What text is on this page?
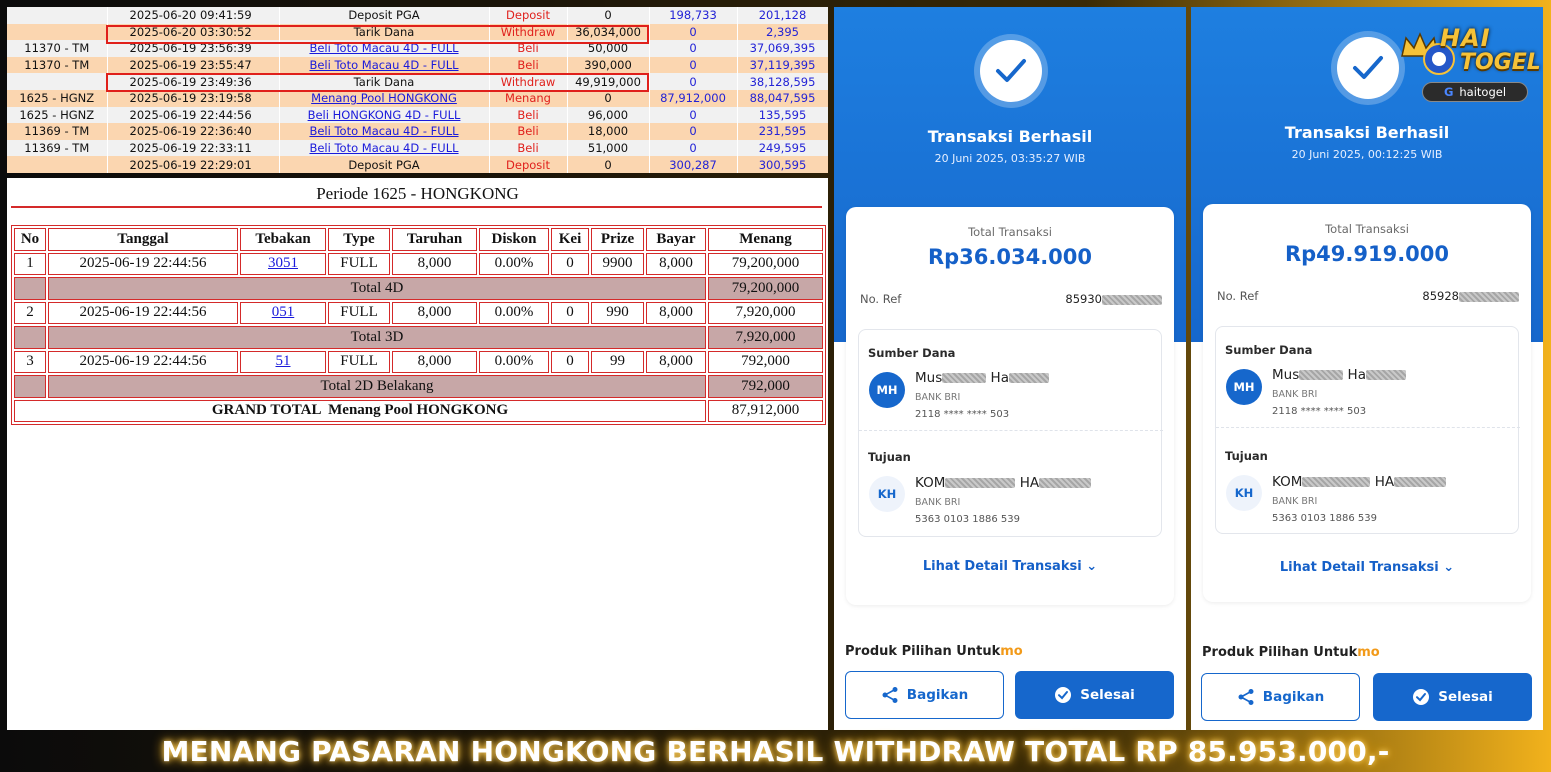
	2025-06-20 09:41:59	Deposit PGA	Deposit	0	198,733	201,128
	2025-06-20 03:30:52	Tarik Dana	Withdraw	36,034,000	0	2,395
11370 - TM	2025-06-19 23:56:39	Beli Toto Macau 4D - FULL	Beli	50,000	0	37,069,395
11370 - TM	2025-06-19 23:55:47	Beli Toto Macau 4D - FULL	Beli	390,000	0	37,119,395
	2025-06-19 23:49:36	Tarik Dana	Withdraw	49,919,000	0	38,128,595
1625 - HGNZ	2025-06-19 23:19:58	Menang Pool HONGKONG	Menang	0	87,912,000	88,047,595
1625 - HGNZ	2025-06-19 22:44:56	Beli HONGKONG 4D - FULL	Beli	96,000	0	135,595
11369 - TM	2025-06-19 22:36:40	Beli Toto Macau 4D - FULL	Beli	18,000	0	231,595
11369 - TM	2025-06-19 22:33:11	Beli Toto Macau 4D - FULL	Beli	51,000	0	249,595
	2025-06-19 22:29:01	Deposit PGA	Deposit	0	300,287	300,595
Periode 1625 - HONGKONG
No	Tanggal	Tebakan	Type	Taruhan	Diskon	Kei	Prize	Bayar	Menang
1	2025-06-19 22:44:56	3051	FULL	8,000	0.00%	0	9900	8,000	79,200,000
	Total 4D								79,200,000
2	2025-06-19 22:44:56	051	FULL	8,000	0.00%	0	990	8,000	7,920,000
	Total 3D								7,920,000
3	2025-06-19 22:44:56	51	FULL	8,000	0.00%	0	99	8,000	792,000
	Total 2D Belakang								792,000
GRAND TOTAL  Menang Pool HONGKONG									87,912,000
Transaksi Berhasil
20 Juni 2025, 03:35:27 WIB
Total Transaksi
Rp36.034.000
No. Ref	85930
Sumber Dana
MH
Mus	Ha
BANK BRI
2118 **** **** 503
Tujuan
KH
KOM	HA
BANK BRI
5363 0103 1886 539
Lihat Detail Transaksi ⌄
Produk Pilihan Untukmo
Bagikan	Selesai
Transaksi Berhasil
20 Juni 2025, 00:12:25 WIB
Total Transaksi
Rp49.919.000
No. Ref	85928
Sumber Dana
MH
Mus	Ha
BANK BRI
2118 **** **** 503
Tujuan
KH
KOM	HA
BANK BRI
5363 0103 1886 539
Lihat Detail Transaksi ⌄
Produk Pilihan Untukmo
Bagikan	Selesai
HAI
TOGEL
G haitogel
MENANG PASARAN HONGKONG BERHASIL WITHDRAW TOTAL RP 85.953.000,-
